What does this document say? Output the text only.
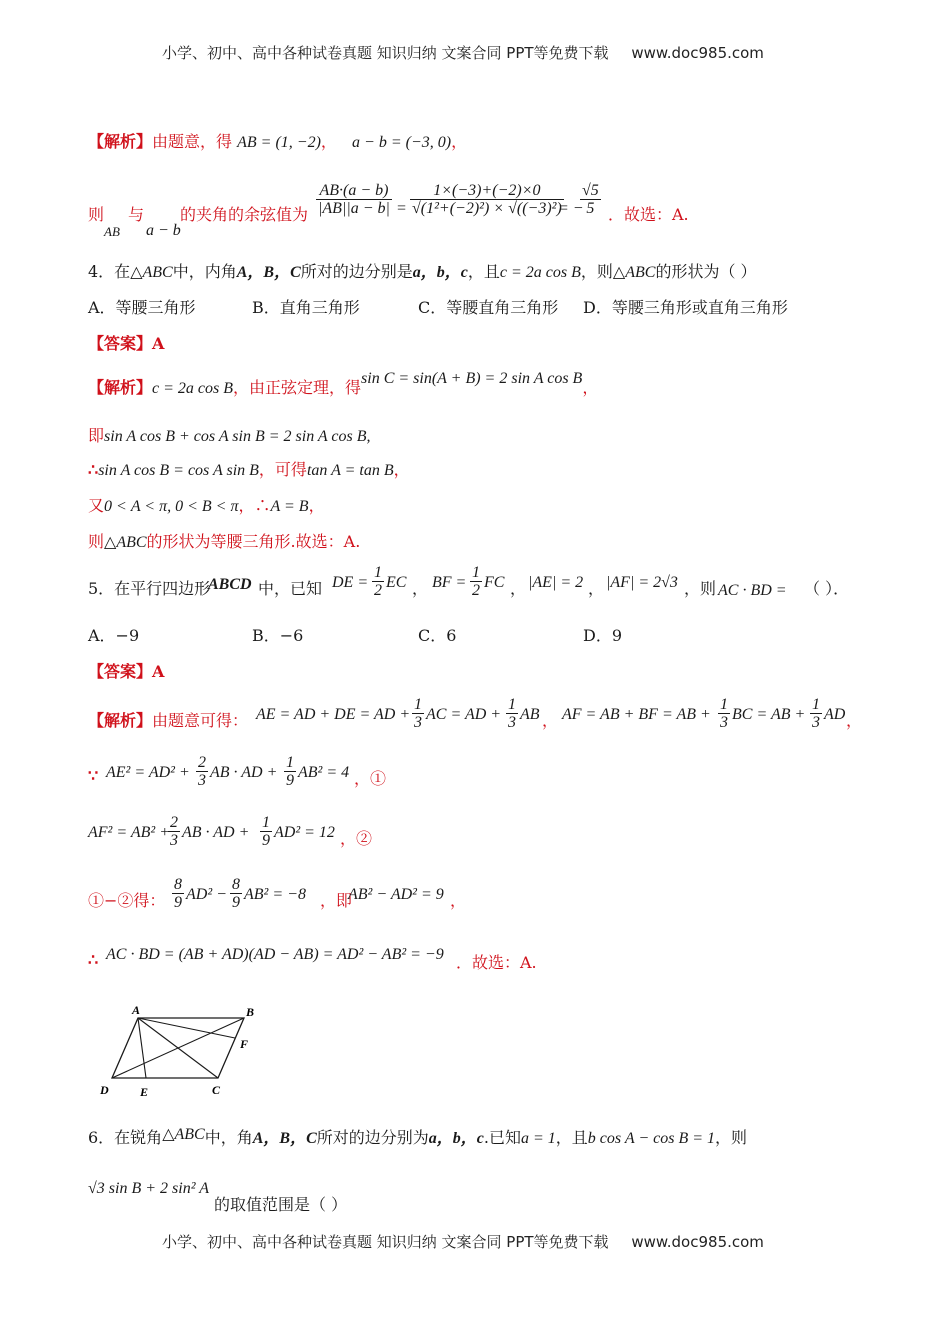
小学、初中、高中各种试卷真题 知识归纳 文案合同 PPT等免费下载 www.doc985.com
【解析】由题意，得 AB = (1, −2)， a − b = (−3, 0)，
则
AB
与
a − b
的夹角的余弦值为 $\frac{AB\cdot(a - b)}{|AB||a - b|} = \frac{1\times(-3)+(-2)\times 0}{\text{√(1²+(−2)²) × √((−3)²)}}$
= −
$\frac{√5}{5}$ ．故选：A.
4．在△ABC中，内角A，B，C所对的边分别是a，b，c，且c = 2a cos B，则△ABC的形状为（ ）
A．等腰三角形	B．直角三角形	C．等腰直角三角形 D．等腰三角形或直角三角形
【答案】A
【解析】c = 2a cos B，由正弦定理，得sin C = sin(A + B) = 2 sin A cos B，
即sin A cos B + cos A sin B = 2 sin A cos B,
∴sin A cos B = cos A sin B，可得tan A = tan B，
又0 < A < π, 0 < B < π，∴A = B，
则△ABC的形状为等腰三角形.故选：A.
5．在平行四边形
ABCD 中，已知 DE = $\frac{1}{2}$ EC ， BF = $\frac{1}{2}$ FC ， |AE| = 2 ， |AF| = 2√3 ，则 AC · BD = （ ）．
A．−9	B．−6	C．6	D．9
【答案】A
【解析】 由题意可得： AE = AD + DE = AD + $\frac{1}{3}$ AC = AD + $\frac{1}{3}$ AB ， AF = AB + BF = AB + $\frac{1}{3}$ BC = AB + $\frac{1}{3}$ AD ，
∵ $AE^2 = AD^2 + \frac{2}{3}$ AB · AD + $\frac{1}{9} AB^2 = 4$ ，①
AF² = AB² +
$\frac{2}{3}$ AB · AD + $\frac{1}{9} AD^2 = 12$ ，②
①−②得： $\frac{8}{9} AD^2 - \frac{8}{9} AB^2 = -8$ ，即
AB² − AD² = 9 ，
∴ AC · BD = (AB + AD)(AD − AB) = AD² − AB² = −9 ．故选：A.
A	B
F
C
D	E
6．在锐角△ABC中，角A，B，C所对的边分别为a，b，c.已知a = 1，且b cos A − cos B = 1，则
√3 sin B + 2 sin² A
的取值范围是（ ）
小学、初中、高中各种试卷真题 知识归纳 文案合同 PPT等免费下载 www.doc985.com
